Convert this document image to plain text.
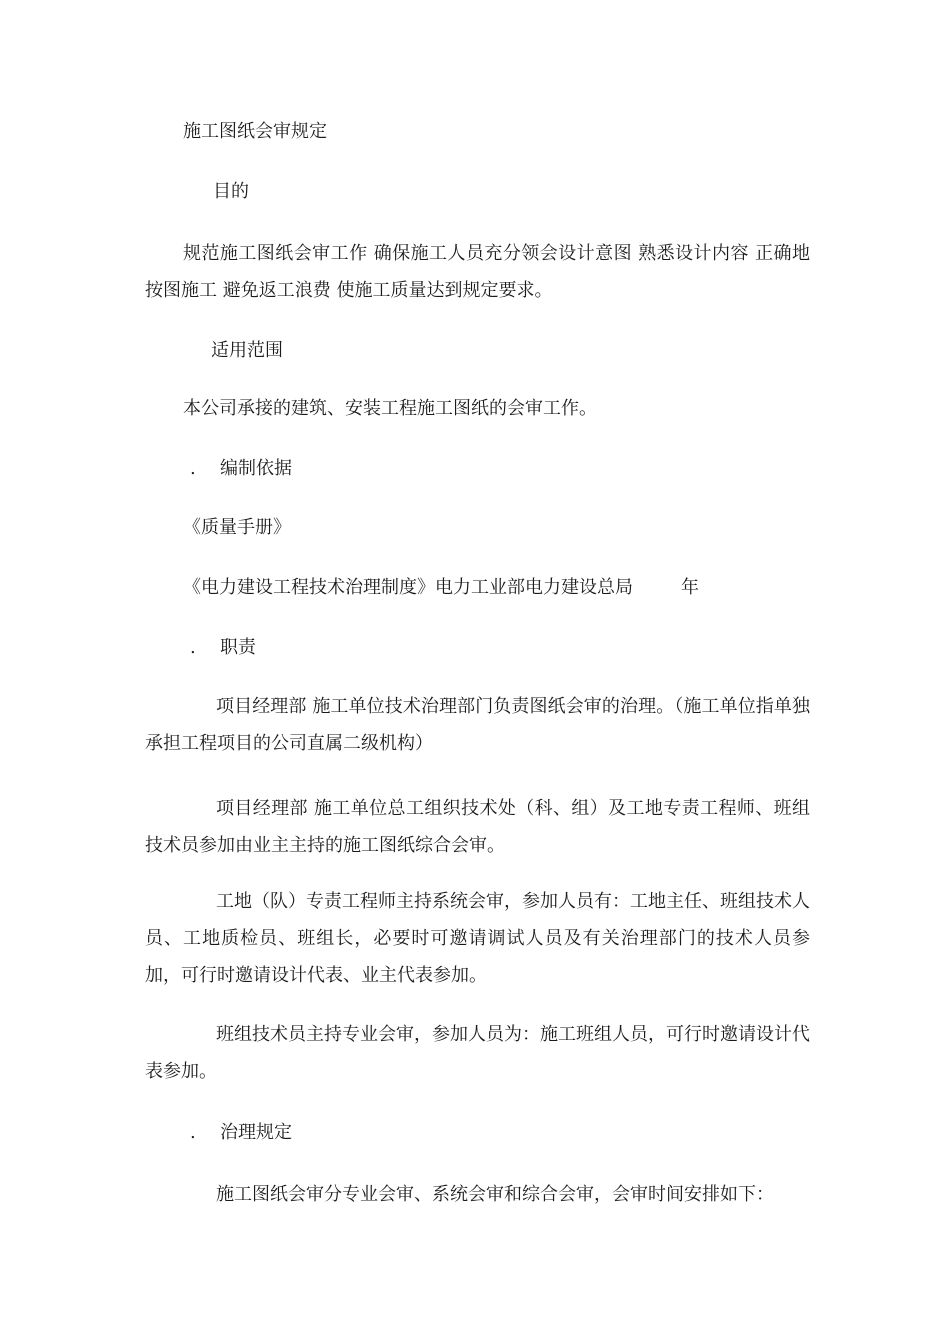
施工图纸会审规定
目的
规范施工图纸会审工作 确保施工人员充分领会设计意图 熟悉设计内容 正确地按图施工 避免返工浪费 使施工质量达到规定要求。
适用范围
本公司承接的建筑、安装工程施工图纸的会审工作。
. 编制依据
《质量手册》
《电力建设工程技术治理制度》电力工业部电力建设总局	年
. 职责
项目经理部 施工单位技术治理部门负责图纸会审的治理。（施工单位指单独承担工程项目的公司直属二级机构）
项目经理部 施工单位总工组织技术处（科、组）及工地专责工程师、班组技术员参加由业主主持的施工图纸综合会审。
工地（队）专责工程师主持系统会审，参加人员有：工地主任、班组技术人员、工地质检员、班组长，必要时可邀请调试人员及有关治理部门的技术人员参加，可行时邀请设计代表、业主代表参加。
班组技术员主持专业会审，参加人员为：施工班组人员，可行时邀请设计代表参加。
. 治理规定
施工图纸会审分专业会审、系统会审和综合会审，会审时间安排如下：
